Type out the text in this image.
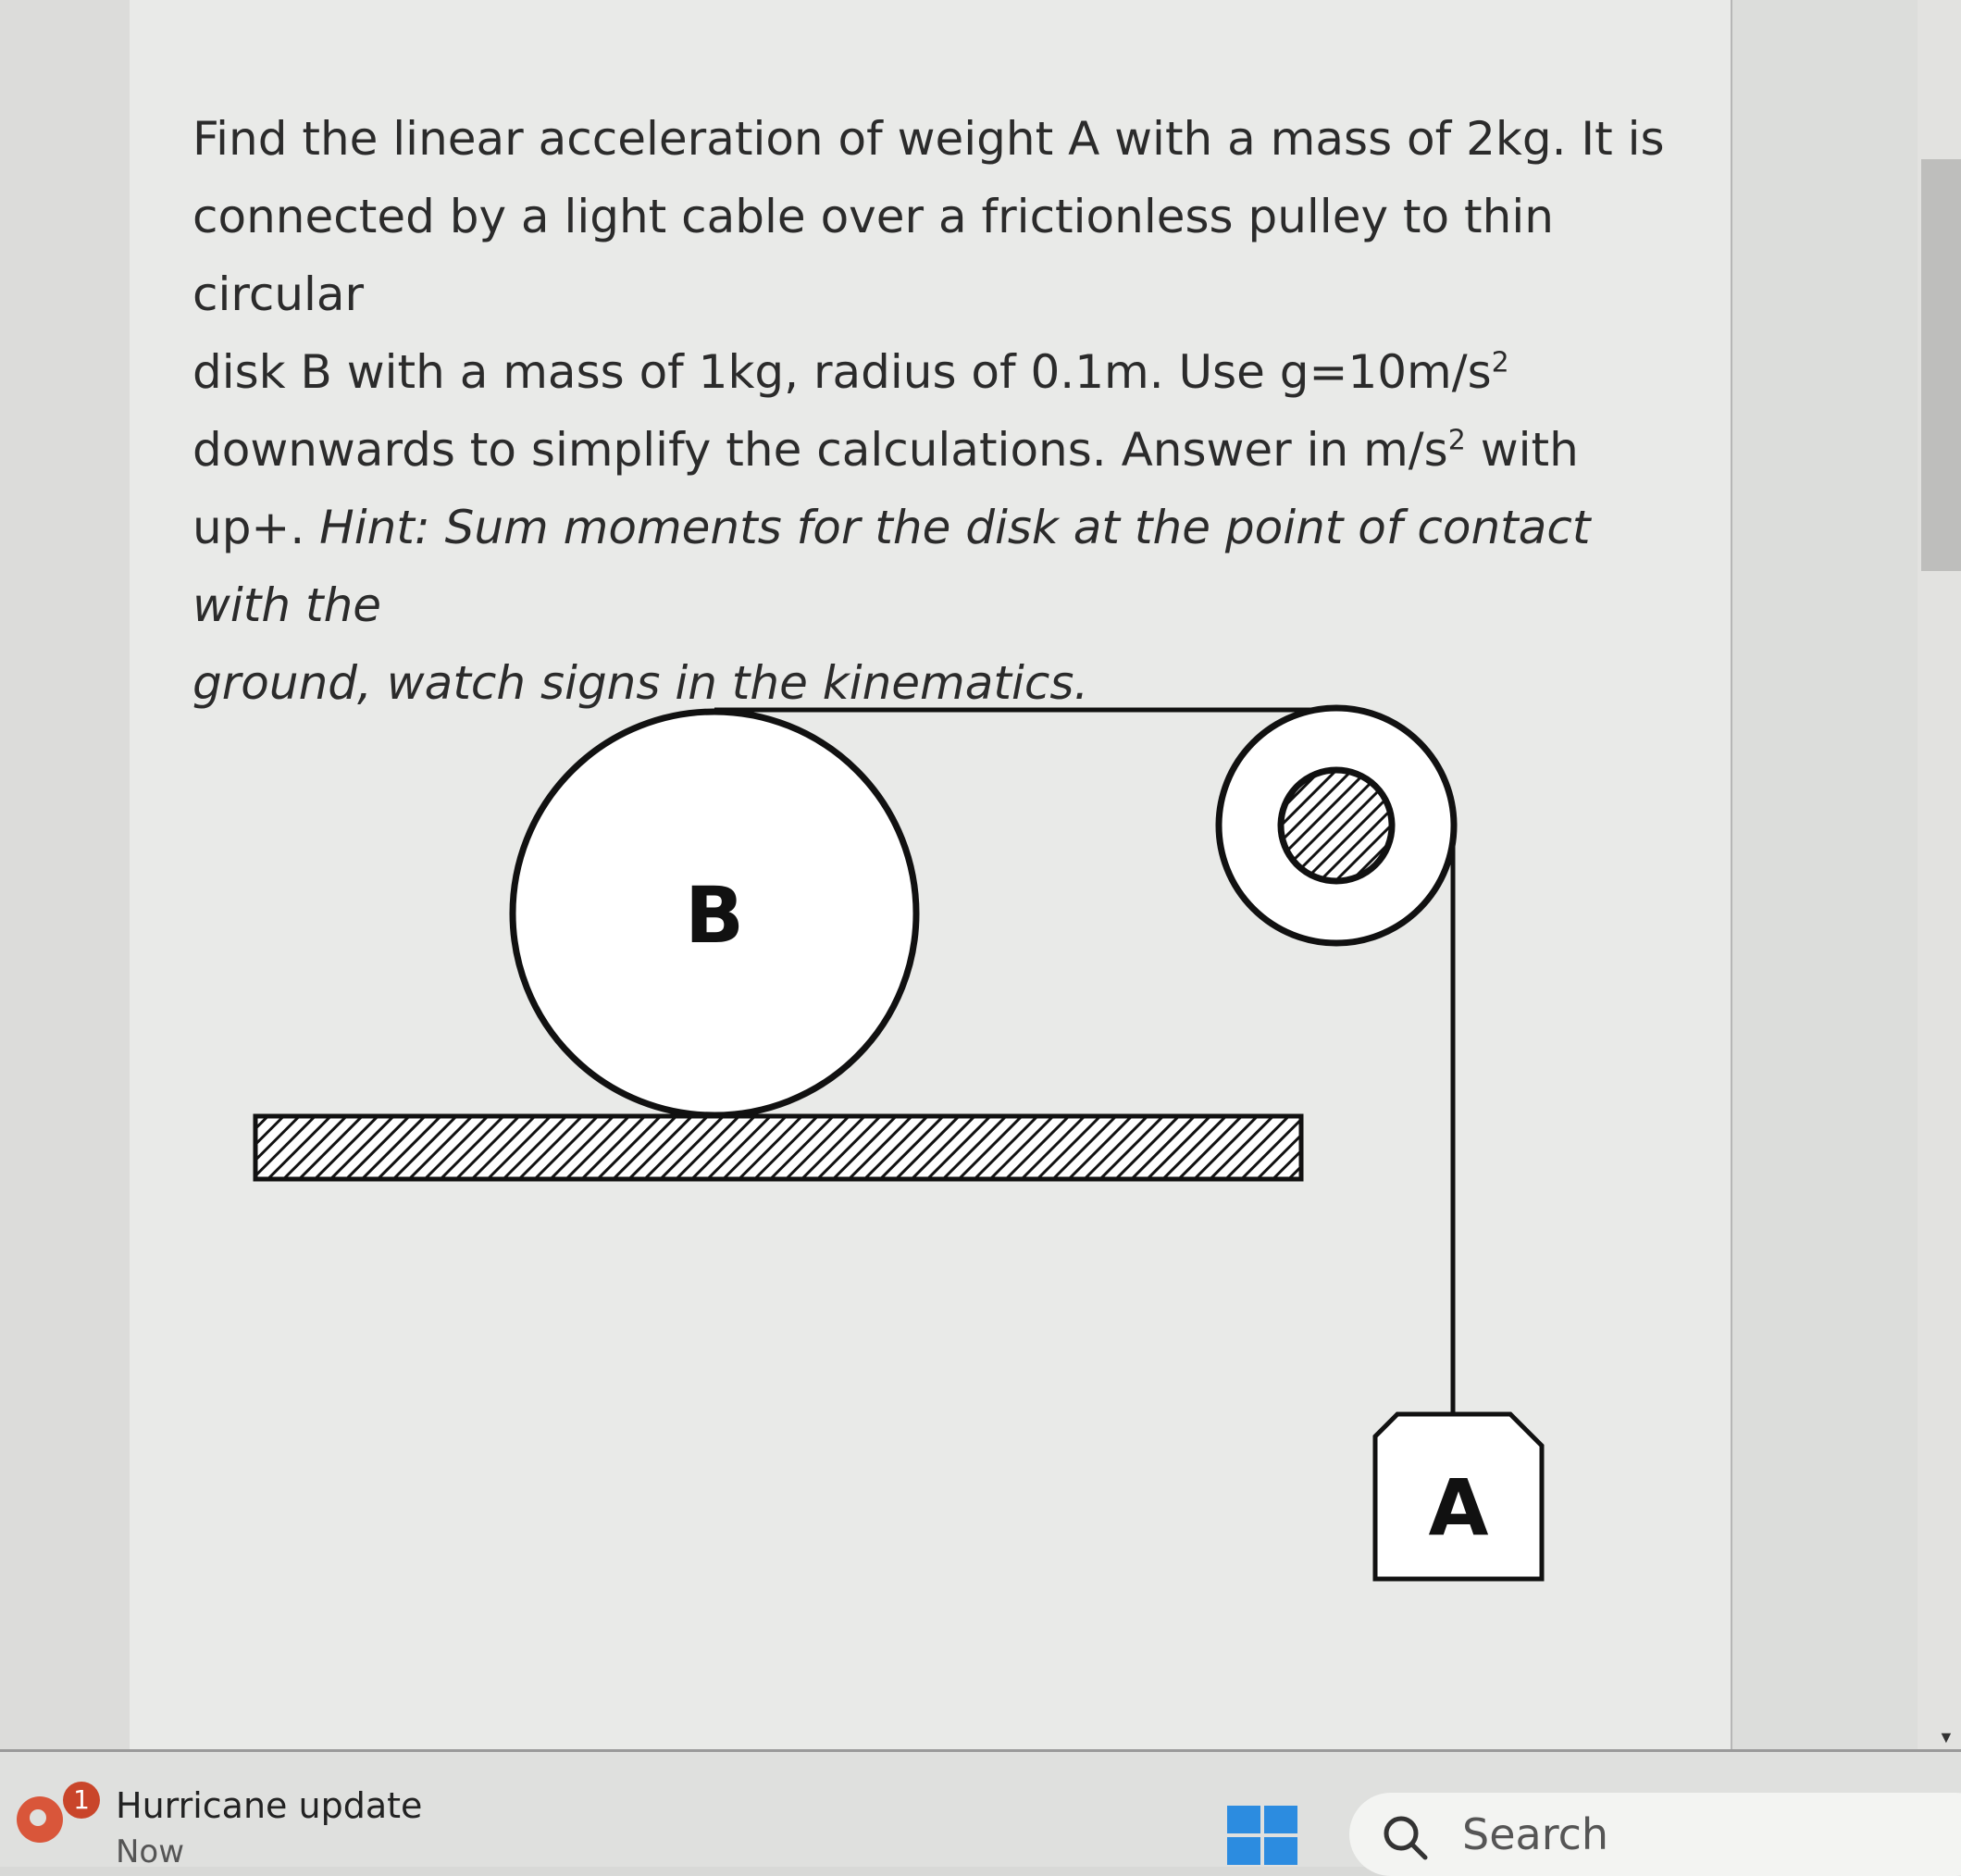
▼
Find the linear acceleration of weight A with a mass of 2kg. It is
connected by a light cable over a frictionless pulley to thin circular
disk B with a mass of 1kg, radius of 0.1m. Use $g=10m/s^2$
downwards to simplify the calculations. Answer in $m/s^2$ with
up+. Hint: Sum moments for the disk at the point of contact with the
ground, watch signs in the kinematics.
B
A
1 Hurricane update
Now	Search
